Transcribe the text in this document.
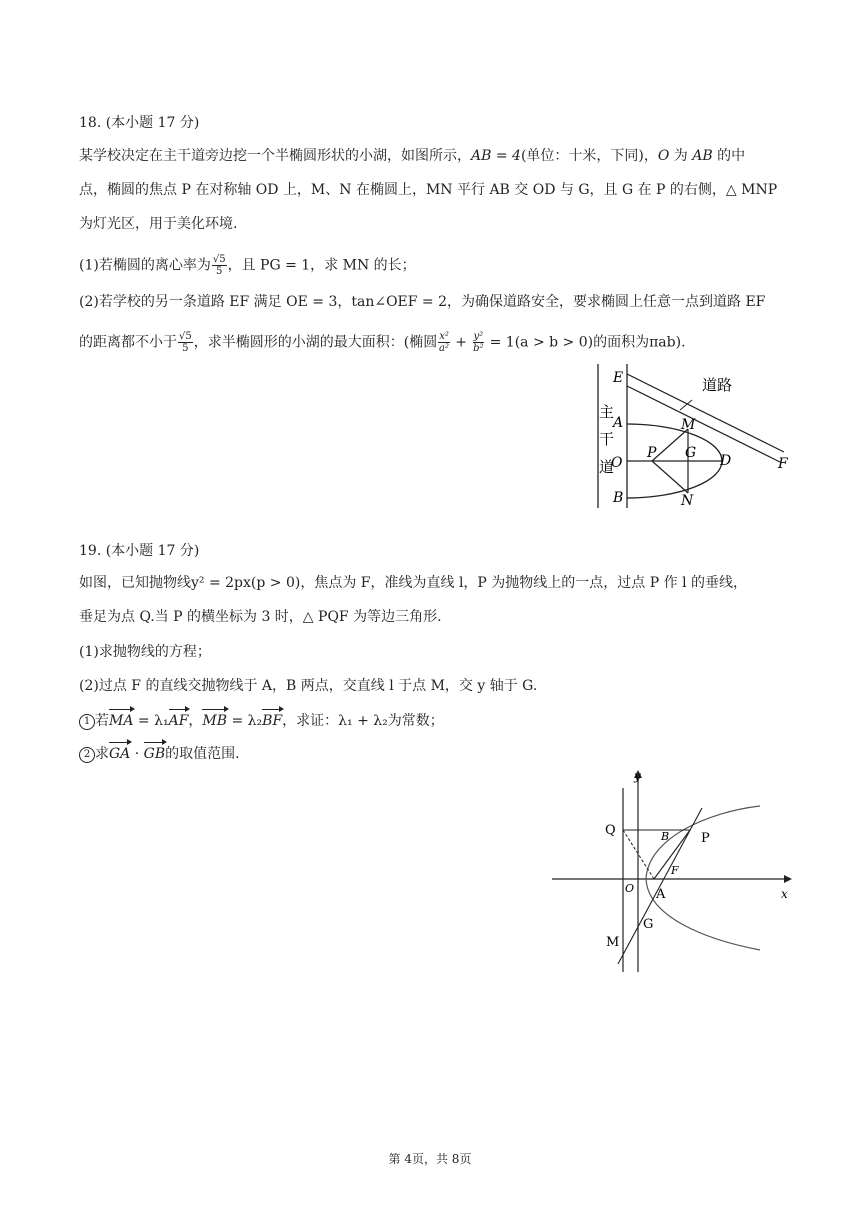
18. (本小题 17 分)
某学校决定在主干道旁边挖一个半椭圆形状的小湖，如图所示，AB = 4(单位：十米，下同)，O 为 AB 的中
点，椭圆的焦点 P 在对称轴 OD 上，M、N 在椭圆上，MN 平行 AB 交 OD 与 G，且 G 在 P 的右侧，△ MNP
为灯光区，用于美化环境.
(1)若椭圆的离心率为 $\frac{√5}{5}$ ，且 PG = 1，求 MN 的长；
(2)若学校的另一条道路 EF 满足 OE = 3，tan∠OEF = 2，为确保道路安全，要求椭圆上任意一点到道路 EF
的距离都不小于 $\frac{√5}{5}$ ，求半椭圆形的小湖的最大面积：(椭圆 $\frac{\text{x²}}{\text{a²}} + \frac{\text{y²}}{\text{b²}} = 1(a > b > 0)$的面积为πab).
E
A
O
B
M
N
P G D	F
道路
主
干
道
19. (本小题 17 分)
如图，已知抛物线y² = 2px(p > 0)，焦点为 F，准线为直线 l，P 为抛物线上的一点，过点 P 作 l 的垂线，
垂足为点 Q.当 P 的横坐标为 3 时，△ PQF 为等边三角形.
(1)求抛物线的方程；
(2)过点 F 的直线交抛物线于 A，B 两点，交直线 l 于点 M，交 y 轴于 G.
1 若MA = λ₁AF，MB = λ₂BF，求证：λ₁ + λ₂为常数；
2 求GA · GB的取值范围.
y
x
Q	B P
O
F
A
G
M
第 4页，共 8页
